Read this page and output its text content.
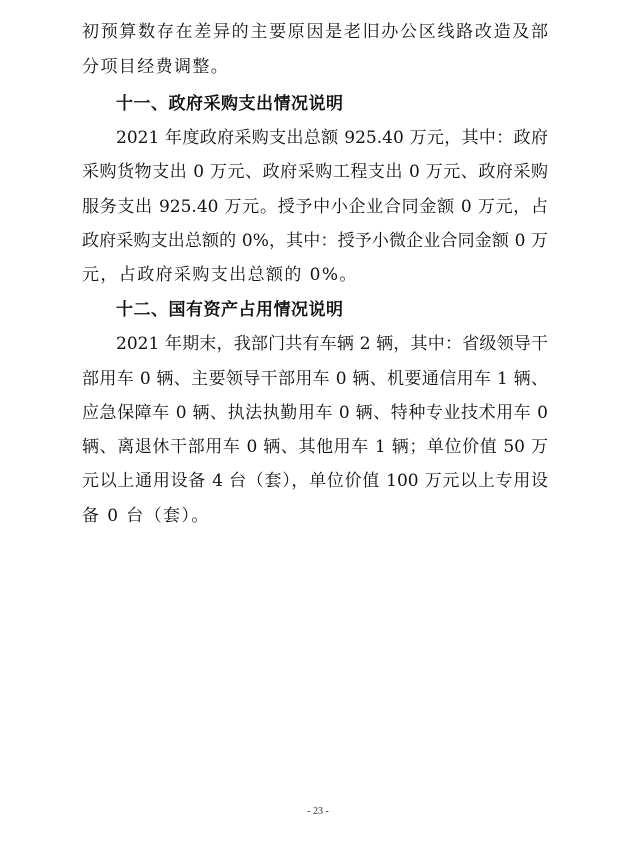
初预算数存在差异的主要原因是老旧办公区线路改造及部
分项目经费调整。
十一、政府采购支出情况说明
2021 年度政府采购支出总额 925.40 万元，其中：政府
采购货物支出 0 万元、政府采购工程支出 0 万元、政府采购
服务支出 925.40 万元。授予中小企业合同金额 0 万元，占
政府采购支出总额的 0%，其中：授予小微企业合同金额 0 万
元，占政府采购支出总额的 0%。
十二、国有资产占用情况说明
2021 年期末，我部门共有车辆 2 辆，其中：省级领导干
部用车 0 辆、主要领导干部用车 0 辆、机要通信用车 1 辆、
应急保障车 0 辆、执法执勤用车 0 辆、特种专业技术用车 0
辆、离退休干部用车 0 辆、其他用车 1 辆；单位价值 50 万
元以上通用设备 4 台（套），单位价值 100 万元以上专用设
备 0 台（套）。
- 23 -
